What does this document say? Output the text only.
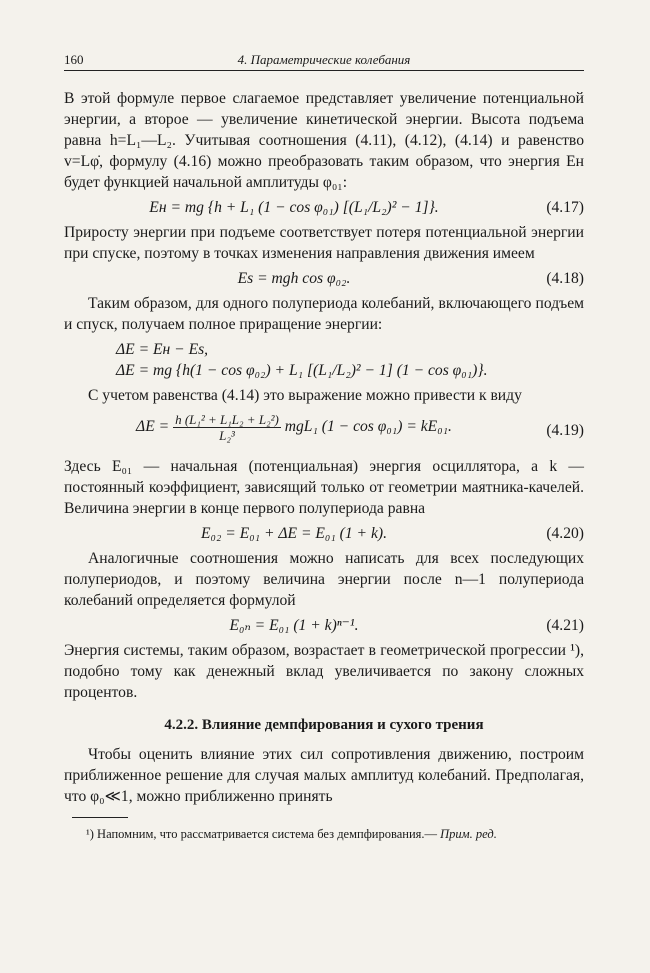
160	4. Параметрические колебания

В этой формуле первое слагаемое представляет увеличение потенциальной энергии, а второе — увеличение кинетической энергии. Высота подъема равна h=L₁—L₂. Учитывая соотношения (4.11), (4.12), (4.14) и равенство v=Lφ̇, формулу (4.16) можно преобразовать таким образом, что энергия Eн будет функцией начальной амплитуды φ₀₁:

Eн = mg {h + L₁ (1 − cos φ₀₁) [(L₁/L₂)² − 1]}.	(4.17)

Приросту энергии при подъеме соответствует потеря потенциальной энергии при спуске, поэтому в точках изменения направления движения имеем

Es = mgh cos φ₀₂.	(4.18)

Таким образом, для одного полупериода колебаний, включающего подъем и спуск, получаем полное приращение энергии:

ΔE = Eн − Es,
ΔE = mg {h(1 − cos φ₀₂) + L₁ [(L₁/L₂)² − 1] (1 − cos φ₀₁)}.

С учетом равенства (4.14) это выражение можно привести к виду

$\Delta E = \frac{\text{h (L₁² + L₁L₂ + L₂²)}}{\text{L₂³}} mgL_1$ (1 − cos φ₀₁) = kE₀₁.	(4.19)

Здесь E₀₁ — начальная (потенциальная) энергия осциллятора, а k — постоянный коэффициент, зависящий только от геометрии маятника-качелей. Величина энергии в конце первого полупериода равна

E₀₂ = E₀₁ + ΔE = E₀₁ (1 + k).	(4.20)

Аналогичные соотношения можно написать для всех последующих полупериодов, и поэтому величина энергии после n—1 полупериода колебаний определяется формулой

E₀ₙ = E₀₁ (1 + k)ⁿ⁻¹.	(4.21)

Энергия системы, таким образом, возрастает в геометрической прогрессии ¹), подобно тому как денежный вклад увеличивается по закону сложных процентов.

4.2.2. Влияние демпфирования и сухого трения

Чтобы оценить влияние этих сил сопротивления движению, построим приближенное решение для случая малых амплитуд колебаний. Предполагая, что φ₀≪1, можно приближенно принять

¹) Напомним, что рассматривается система без демпфирования.— Прим. ред.
